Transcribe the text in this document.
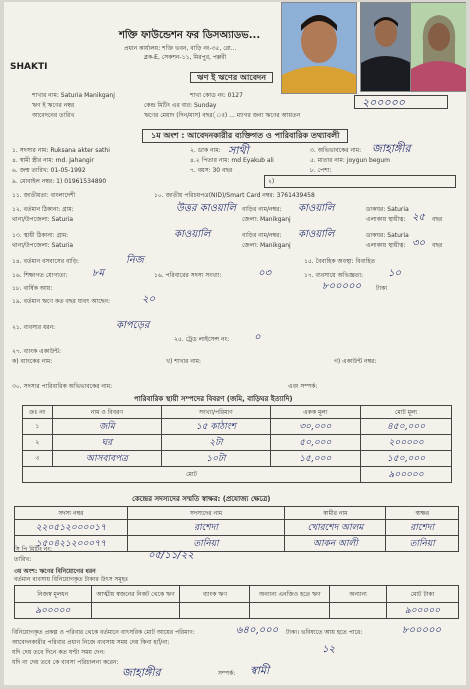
SHAKTI
শক্তি ফাউন্ডেশন ফর ডিসঅ্যাডভ...
প্রধান কার্যালয়: শক্তি ভবন, বাড়ি নং-৩৫, রো...
ব্লক-E, সেকশন-১১, মিরপুর, পল্লবী
ঋণ ই ঋণের আবেদন
শাখার নাম: Saturia Manikganj	শাখা কোড নং: 0127
ঋণ ই ঋণের নম্বর	কেন্দ্র মিটিং এর বার: Sunday
আবেদনের তারিখ	ঋণের মেয়াদ (দিন/মাস) বছর(ঃ) ... ম্যাগর জন্য ঋণের আয়তন
২০০০০০
১ম অংশ : আবেদনকারীর ব্যক্তিগত ও পারিবারিক তথ্যাবলী
১. সদস্যর নাম: Ruksana akter sathi	২. ডাক নাম: সাথী	৩. অভিভাবকের নাম: জাহাঙ্গীর
৪. স্বামী স্ত্রীর নাম: md. Jahangir	৪.২ পিতার নাম: md Eyakub ali	৫. মাতার নাম: joygun begum
৬. জন্ম তারিখ: 01-05-1992	৭. বয়স: 30 বছর	৮. পেশা:
৯. মোবাইল নম্বর: 1) 01961534890	২)
১১. জাতীয়তা: বাংলাদেশী	১০. জাতীয় পরিচয়পত্র(NID)/Smart Card নম্বর: 3761439458
১২. বর্তমান ঠিকানা: গ্রাম:	উত্তর কাওয়ালি বাড়ির নাম/নম্বর: কাওয়ালি	ডাকঘর: Saturia
থানা/উপজেলা: Saturia	জেলা: Manikganj	এলাকায় স্থায়ীত্ব: ২৫ বছর
১৩. স্থায়ী ঠিকানা: গ্রাম:	কাওয়ালি	বাড়ির নাম/নম্বর: কাওয়ালি	ডাকঘর: Saturia
থানা/উপজেলা: Saturia	জেলা: Manikganj	এলাকায় স্থায়ীত্ব: ৩০ বছর
১৪. বর্তমান বসবাসের বাড়ি:	নিজ	১৫. বৈবাহিক অবস্থা: বিবাহিত
১৬. শিক্ষাগত যোগ্যতা: ৮ম	১৬. পরিবারের সদস্য সংখ্যা:	০৩	১৭. ব্যবসায়ে অভিজ্ঞতা:	১০
১৮. বার্ষিক আয়:	৮০০০০০	টাকা
১৯. বর্তমান ঋণে কত বছর যাবৎ আছেন:	২০
২১. ব্যবসার ধরন:	কাপড়ের
২৫. ট্রেড লাইসেন্স নং: ০
২৭. ব্যাংক একাউন্ট:
ক) ব্যাংকের নাম:	খ) শাখার নাম:	গ) একাউন্ট নম্বর:
৩০. সদস্যর পারিবারিক অভিভাবকের নাম:	এবং সম্পর্ক:
পারিবারিক স্থায়ী সম্পদের বিবরণ (জমি, বাড়িঘর ইত্যাদি)
ক্রঃ নং	নাম ও বিবরণ	সংখ্যা/পরিমাণ	একক মূল্য	মোট মূল্য
১	জমি	১৫ কাঠাংশ	৩০,০০০	৪৫০,০০০
২	ঘর	২টা	৫০,০০০	২০০০০০
৩	আসবাবপত্র	১০টা	১৫,০০০	১৫০,০০০
মোট				৯০০০০০
কেন্দ্রের সদস্যদের সম্মতি স্বাক্ষর: (প্রযোজ্য ক্ষেত্রে)
সদস্য নম্বর	সদস্যদের নাম	স্বামীর নাম	স্বাক্ষর
২২০৫১২০০০০১৭	রাশেদা	খোরশেদ আলম	রাশেদা
১৫০৪২১২০০০৭৭	তানিয়া	আকন আলী	তানিয়া
সি পি মিটিং নং:
তারিখ:	০৫/১১/২২
৩য় অংশ: ঋণের বিনিয়োগের ধরন
বর্তমান ব্যবসায় বিনিয়োগকৃত টাকার উৎস সমূহঃ
নিজস্ব মূলধন	আত্মীয় স্বজনের নিকট থেকে ঋণ	ব্যাংক ঋণ	অন্যান্য এনজিও হতে ঋণ	অন্যান্য	মোট টাকা
৯০০০০০					৯০০০০০
বিনিয়োগকৃত প্রকল্প ও পরিবার থেকে বর্তমানে বাৎসরিক মোট আয়ের পরিমাণ:	৬৪০,০০০ টাকা। ভবিষ্যতে আয় হতে পারে:	৮০০০০০
আবেদনকারীর পরিবার প্রধান নিজে ব্যবসায় সময় দেয় কিনা হ্যাঁ/না:
যদি দেয় তবে দিনে কত ঘণ্টা সময় দেন:	১২
যদি না দেয় তবে কে ব্যবসা পরিচালনা করেন:
জাহাঙ্গীর	সম্পর্ক: স্বামী
